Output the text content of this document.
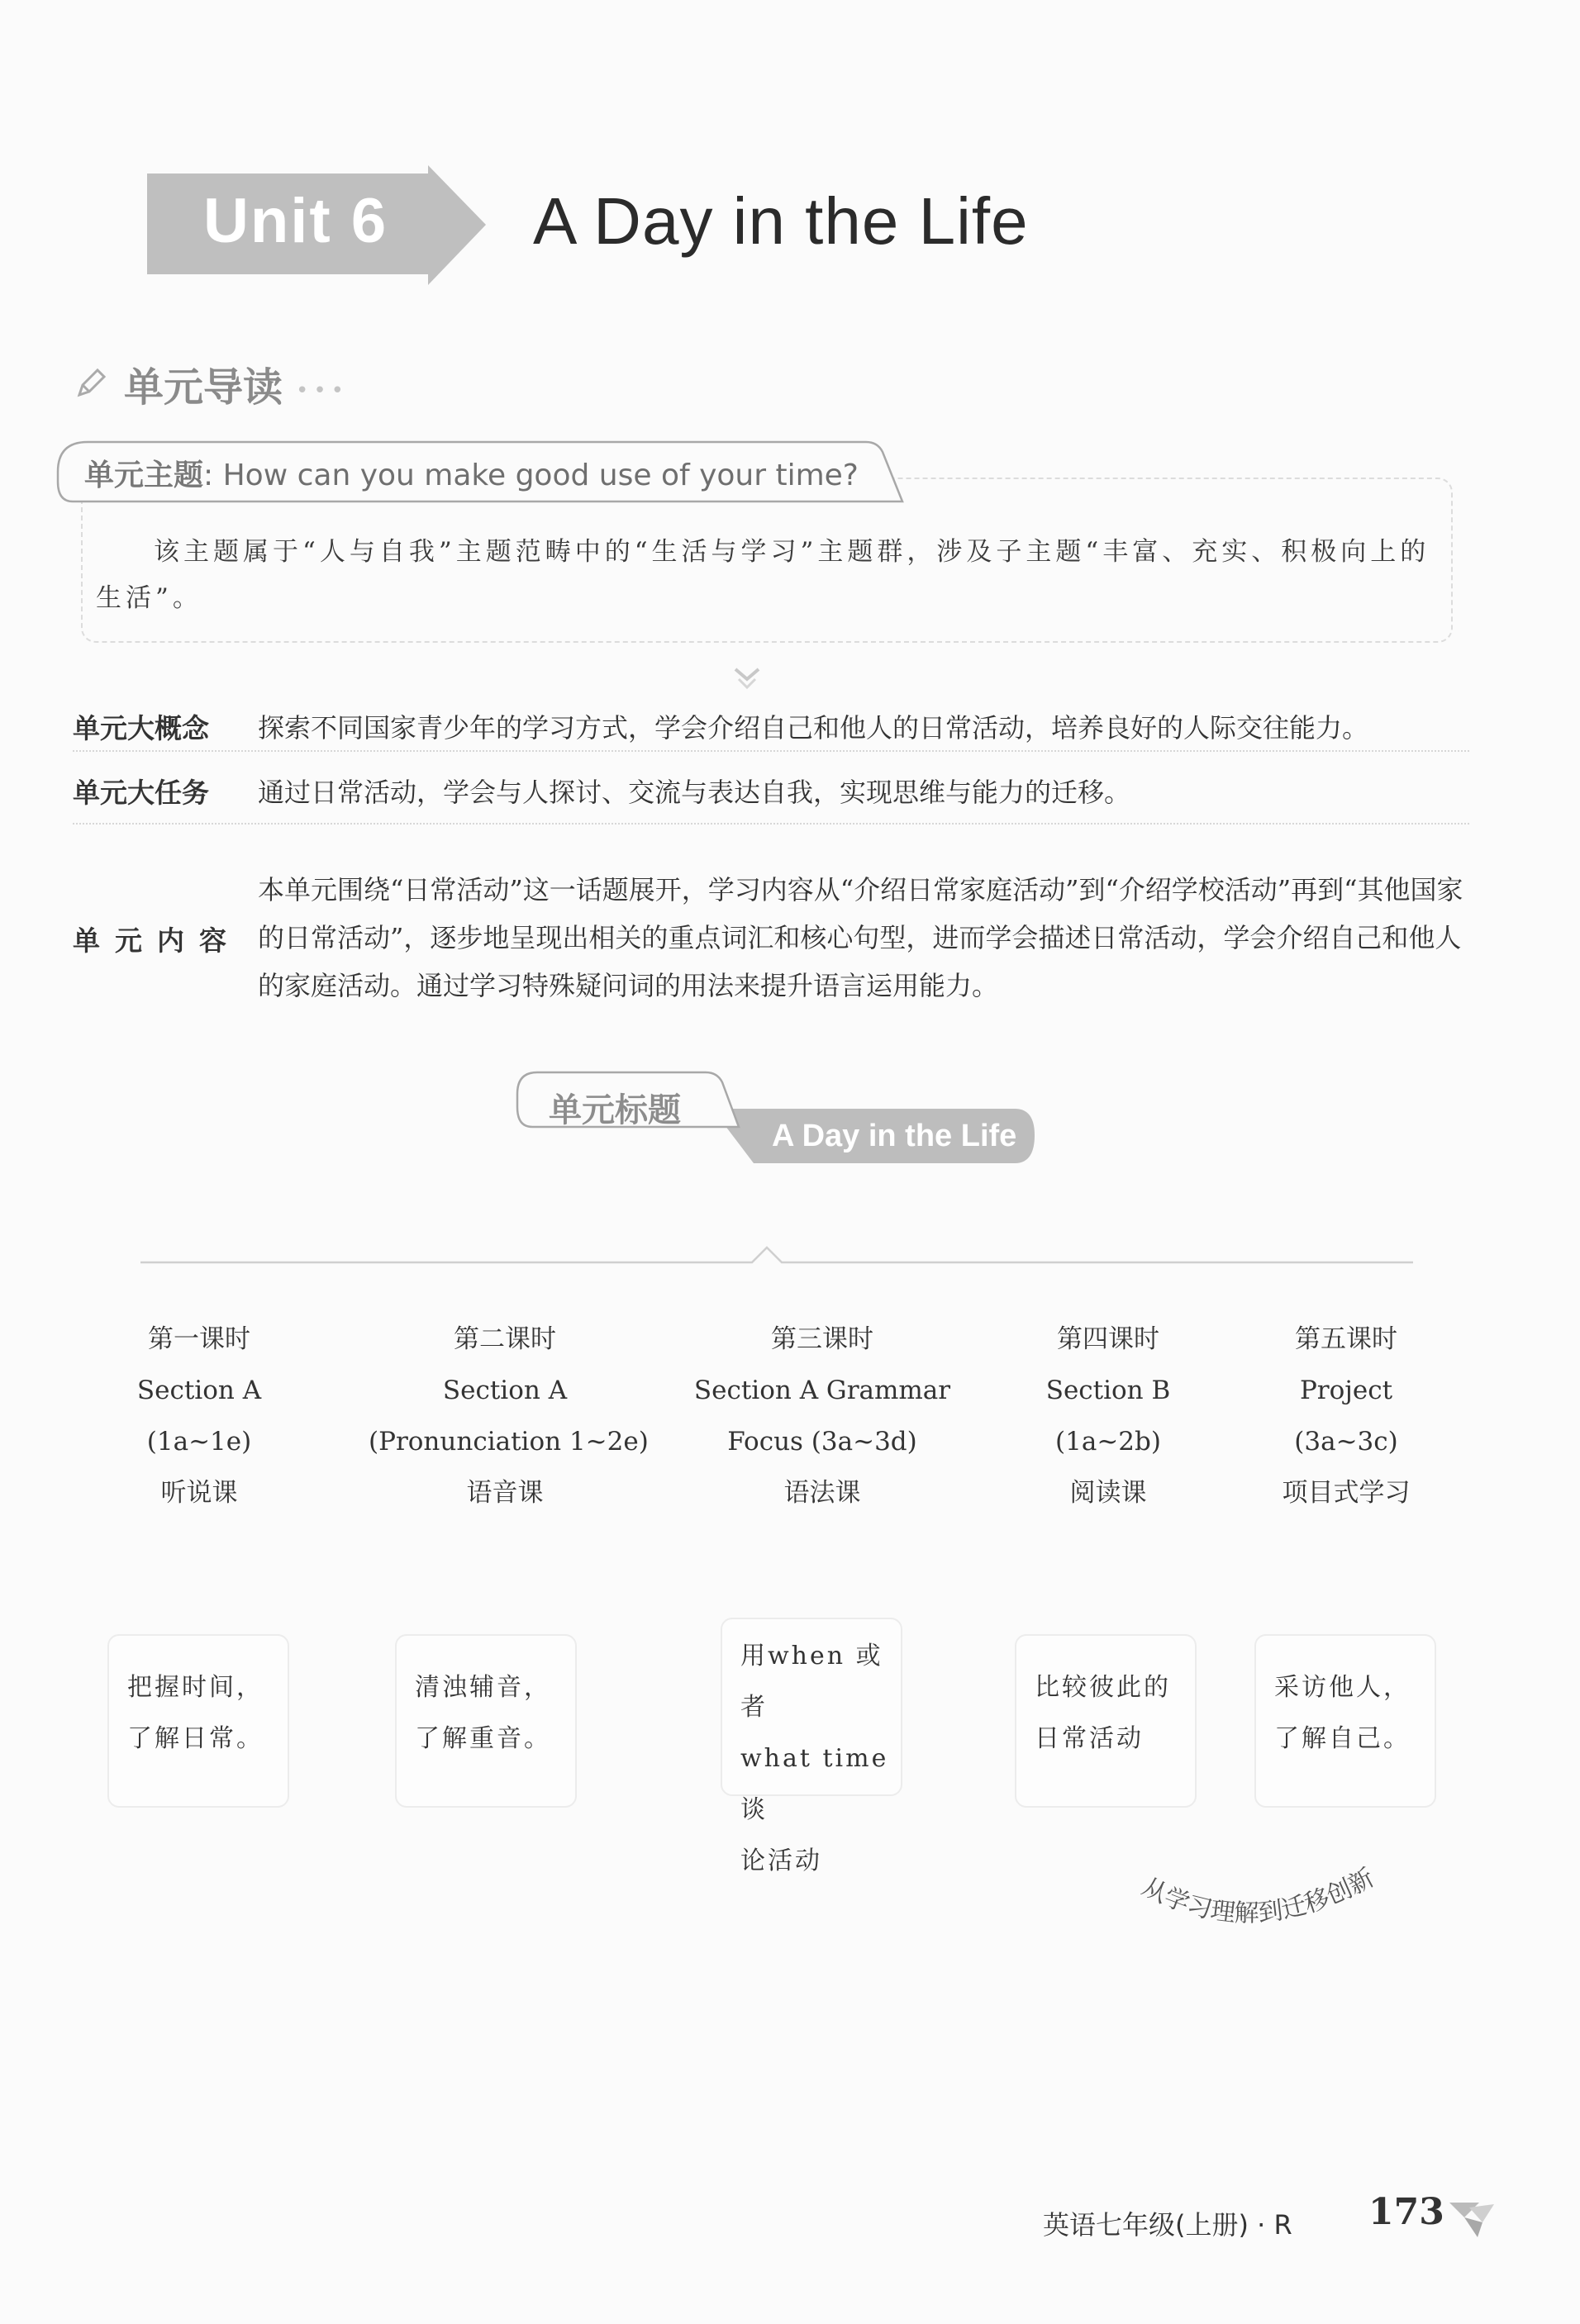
Unit 6 A Day in the Life
单元导读 •••
该主题属于“人与自我”主题范畴中的“生活与学习”主题群，涉及子主题“丰富、充实、积极向上的生活”。
单元主题: How can you make good use of your time?
单元大概念 探索不同国家青少年的学习方式，学会介绍自己和他人的日常活动，培养良好的人际交往能力。
单元大任务 通过日常活动，学会与人探讨、交流与表达自我，实现思维与能力的迁移。
单元内容
本单元围绕“日常活动”这一话题展开，学习内容从“介绍日常家庭活动”到“介绍学校活动”再到“其他国家的日常活动”，逐步地呈现出相关的重点词汇和核心句型，进而学会描述日常活动，学会介绍自己和他人的家庭活动。通过学习特殊疑问词的用法来提升语言运用能力。
单元标题
A Day in the Life
第一课时
Section A
(1a~1e)
听说课
第二课时
Section A
(Pronunciation 1~2e)
语音课
第三课时
Section A Grammar
Focus (3a~3d)
语法课
第四课时
Section B
(1a~2b)
阅读课
第五课时
Project
(3a~3c)
项目式学习
把握时间，
了解日常。
清浊辅音，
了解重音。
用when 或者
what time 谈
论活动
比较彼此的
日常活动
采访他人，
了解自己。
从学习理解到迁移创新
英语七年级(上册) · R 173
